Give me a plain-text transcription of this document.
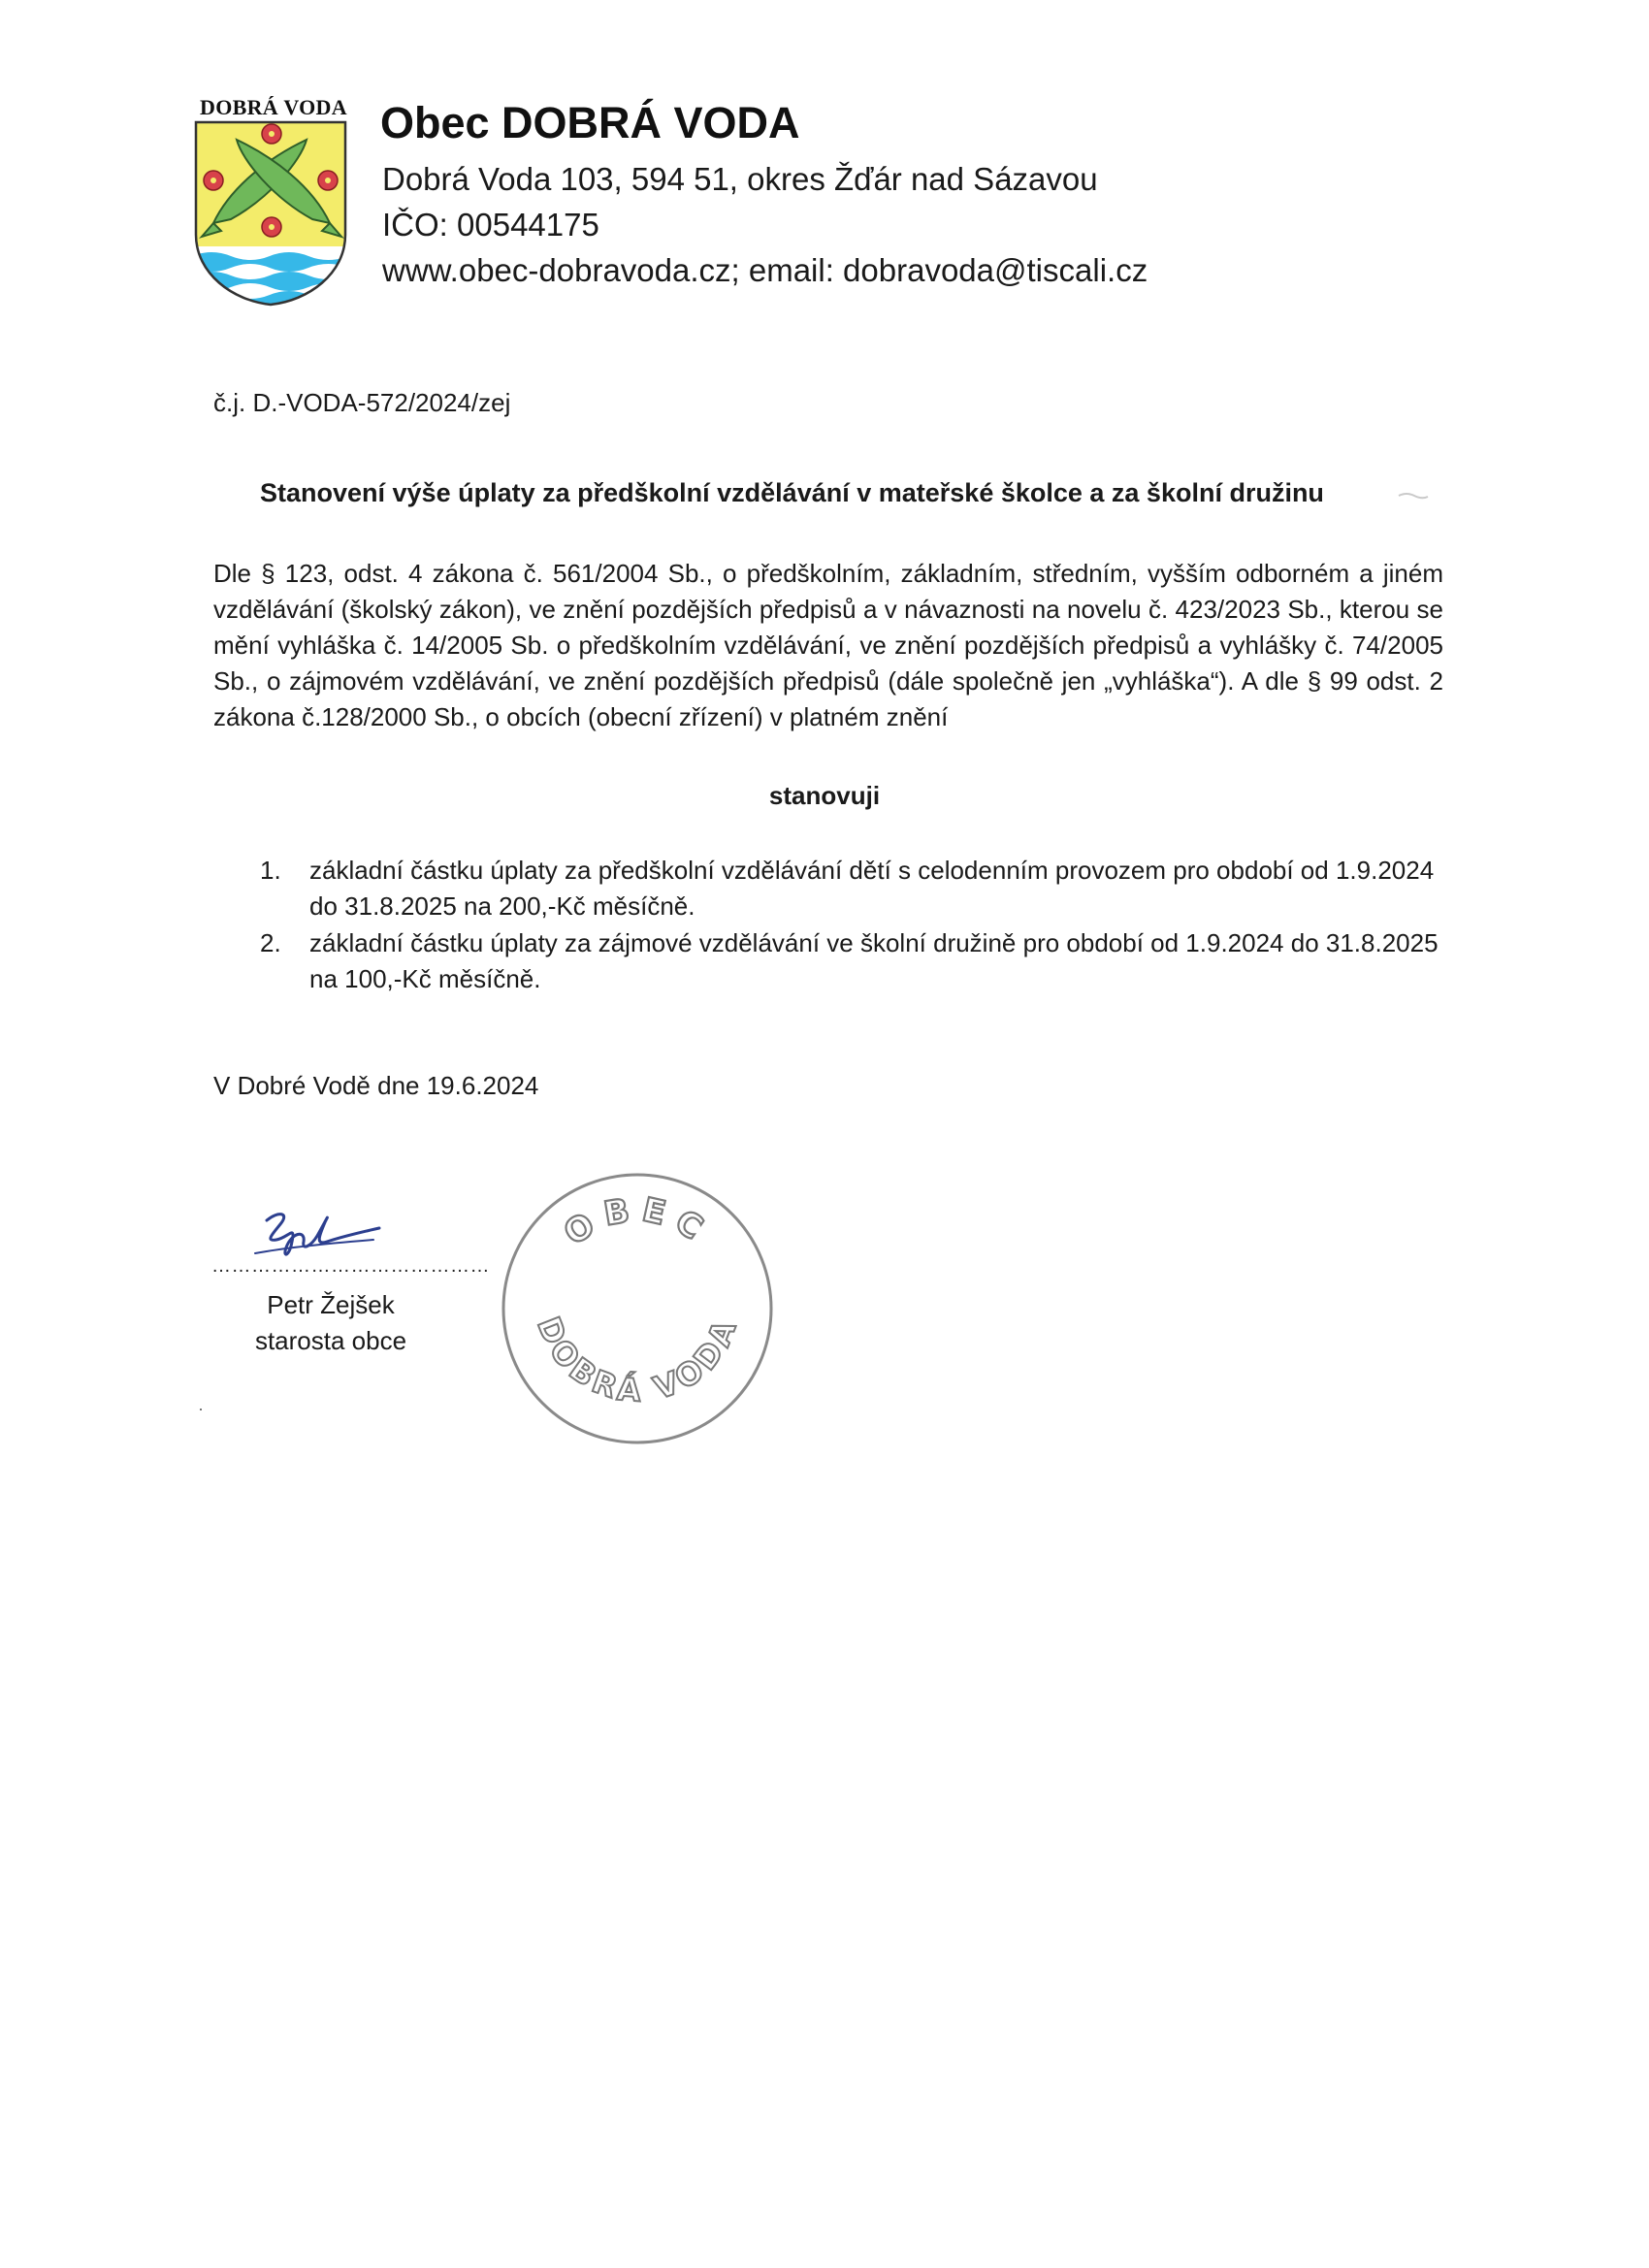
DOBRÁ VODA Obec DOBRÁ VODA
Dobrá Voda 103, 594 51, okres Žďár nad Sázavou
IČO: 00544175
www.obec-dobravoda.cz; email: dobravoda@tiscali.cz
č.j. D.-VODA-572/2024/zej
Stanovení výše úplaty za předškolní vzdělávání v mateřské školce a za školní družinu
Dle § 123, odst. 4 zákona č. 561/2004 Sb., o předškolním, základním, středním, vyšším odborném a jiném vzdělávání (školský zákon), ve znění pozdějších předpisů a v návaznosti na novelu č. 423/2023 Sb., kterou se mění vyhláška č. 14/2005 Sb. o předškolním vzdělávání, ve znění pozdějších předpisů a vyhlášky č. 74/2005 Sb., o zájmovém vzdělávání, ve znění pozdějších předpisů (dále společně jen „vyhláška“). A dle § 99 odst. 2 zákona č.128/2000 Sb., o obcích (obecní zřízení) v platném znění
stanovuji
1.	základní částku úplaty za předškolní vzdělávání dětí s celodenním provozem pro období od 1.9.2024 do 31.8.2025 na 200,-Kč měsíčně.
2.	základní částku úplaty za zájmové vzdělávání ve školní družině pro období od 1.9.2024 do 31.8.2025 na 100,-Kč měsíčně.
V Dobré Vodě dne 19.6.2024
……………………………………
Petr Žejšek
starosta obce
OBEC
DOBRÁ VODA
